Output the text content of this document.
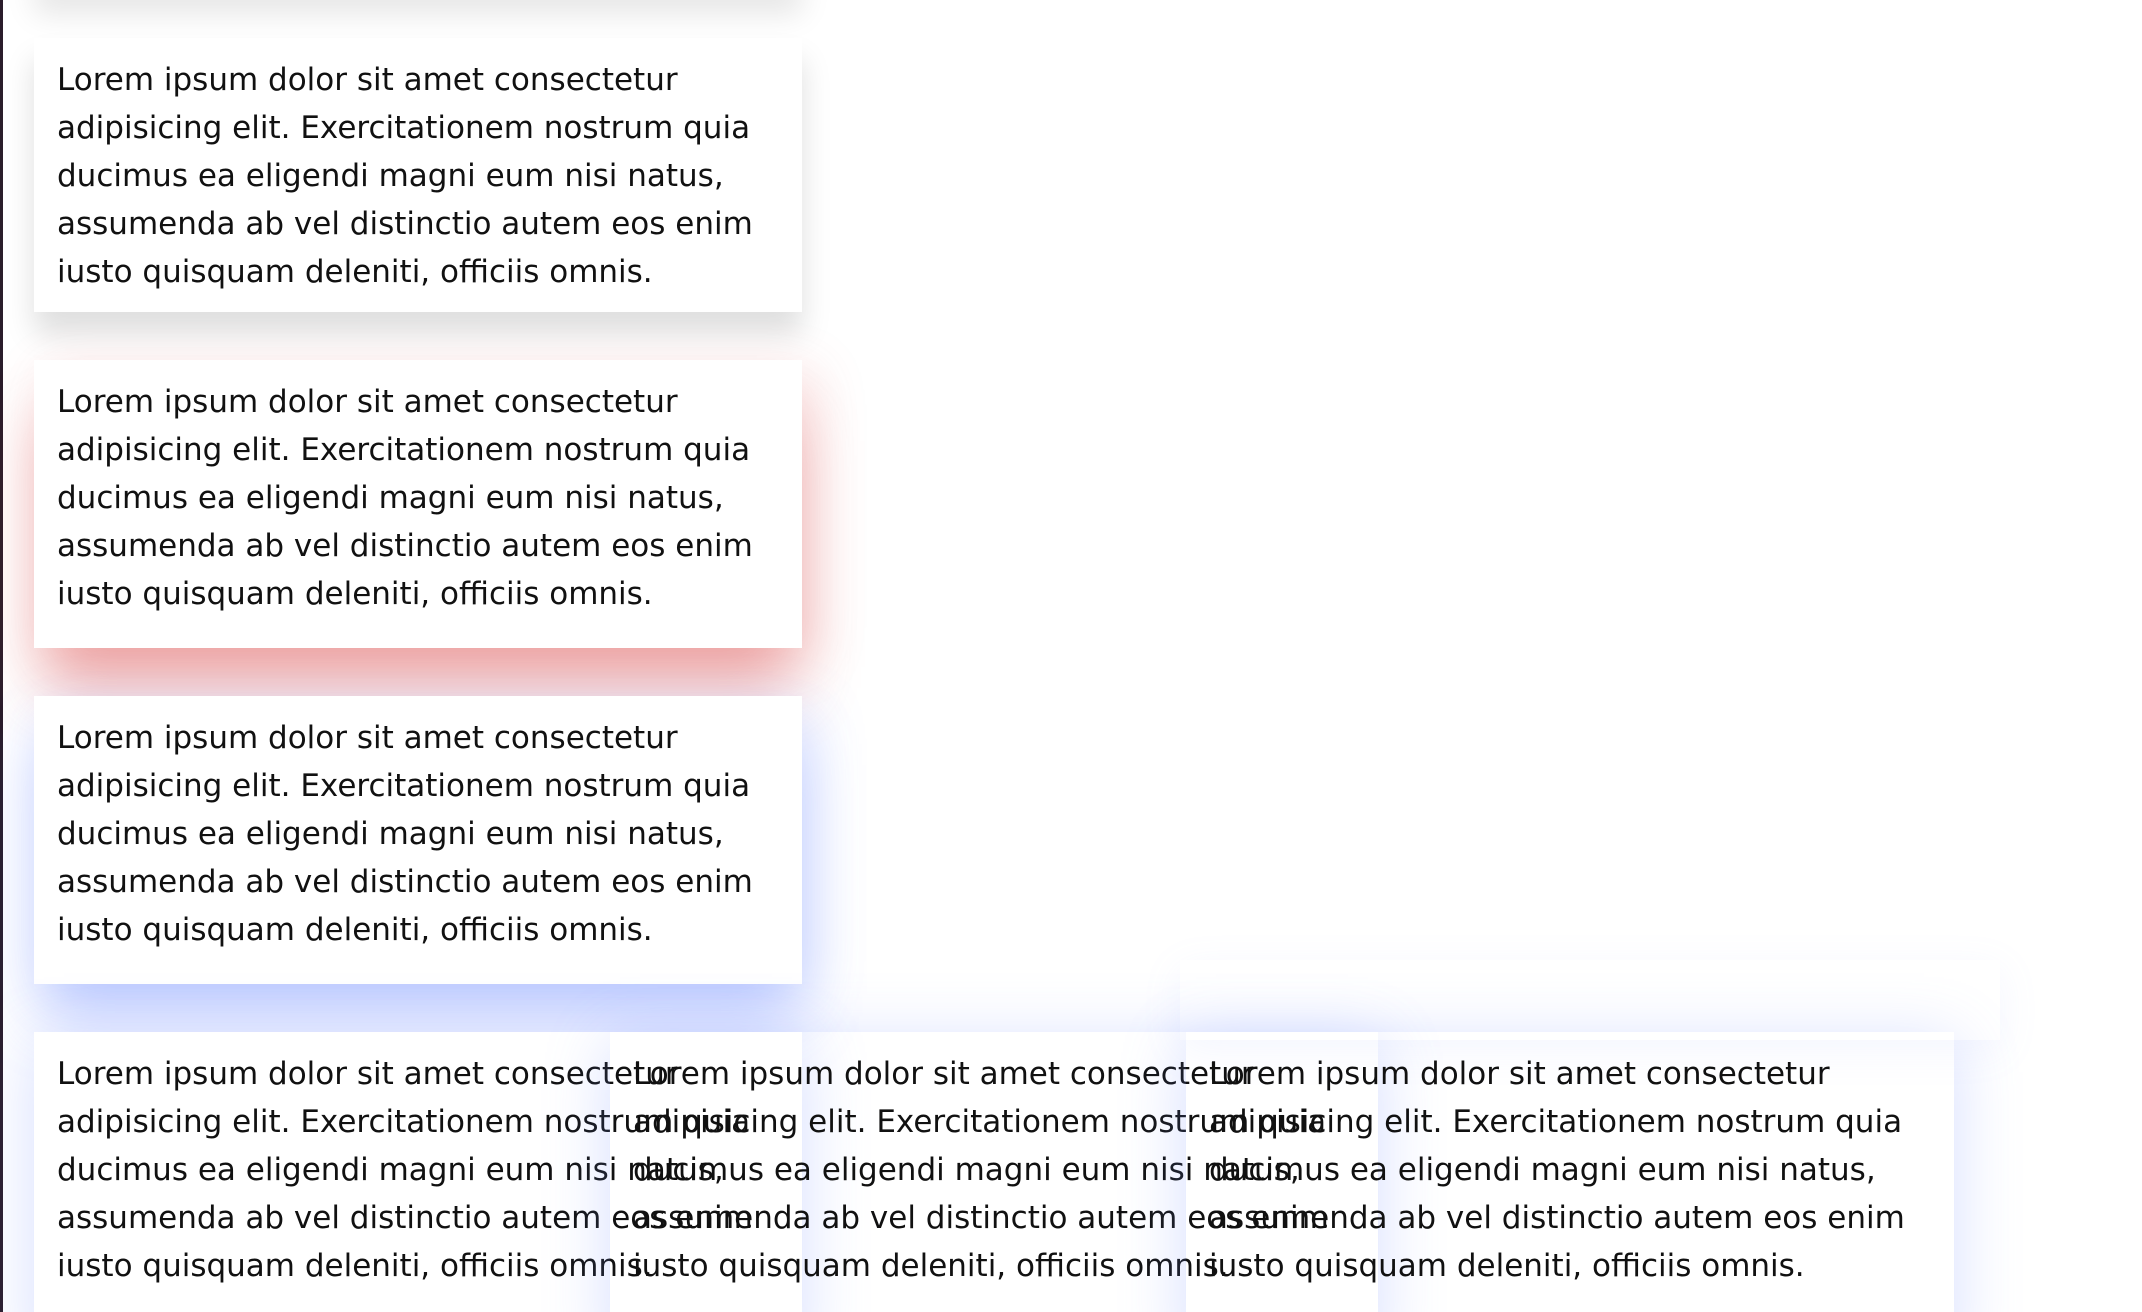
Lorem ipsum dolor sit amet consectetur adipisicing elit. Exercitationem nostrum quia ducimus ea eligendi magni eum nisi natus, assumenda ab vel distinctio autem eos enim iusto quisquam deleniti, officiis omnis.

Lorem ipsum dolor sit amet consectetur adipisicing elit. Exercitationem nostrum quia ducimus ea eligendi magni eum nisi natus, assumenda ab vel distinctio autem eos enim iusto quisquam deleniti, officiis omnis.

Lorem ipsum dolor sit amet consectetur adipisicing elit. Exercitationem nostrum quia ducimus ea eligendi magni eum nisi natus, assumenda ab vel distinctio autem eos enim iusto quisquam deleniti, officiis omnis.

Lorem ipsum dolor sit amet consectetur adipisicing elit. Exercitationem nostrum quia ducimus ea eligendi magni eum nisi natus, assumenda ab vel distinctio autem eos enim iusto quisquam deleniti, officiis omnis.

Lorem ipsum dolor sit amet consectetur adipisicing elit. Exercitationem nostrum quia ducimus ea eligendi magni eum nisi natus, assumenda ab vel distinctio autem eos enim iusto quisquam deleniti, officiis omnis.

Lorem ipsum dolor sit amet consectetur adipisicing elit. Exercitationem nostrum quia ducimus ea eligendi magni eum nisi natus, assumenda ab vel distinctio autem eos enim iusto quisquam deleniti, officiis omnis.
